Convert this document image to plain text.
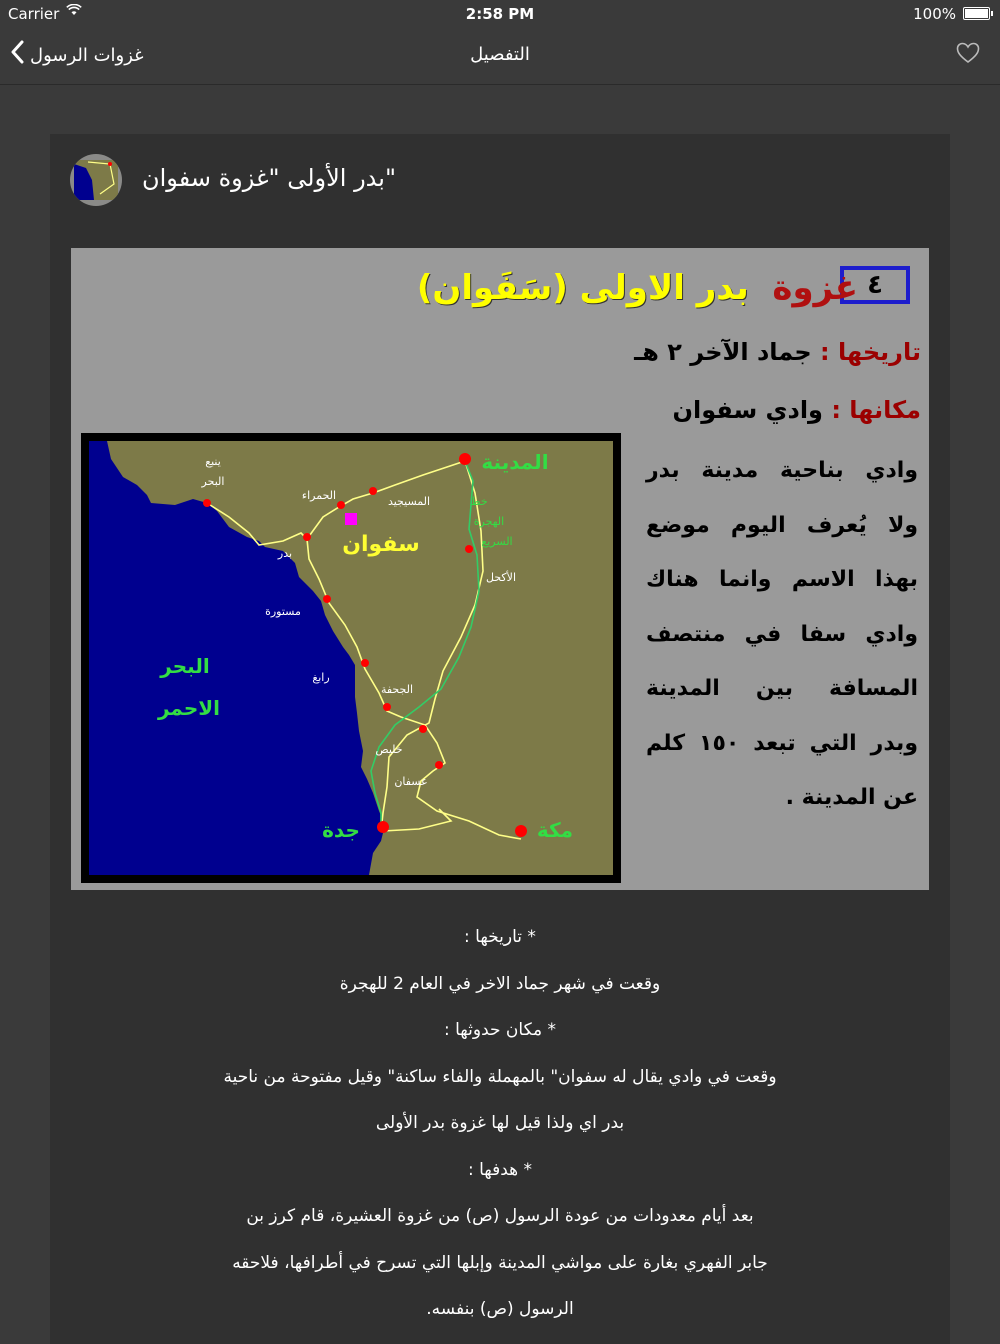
Carrier	2:58 PM	100%
غزوات الرسول	التفصيل
"بدر الأولى "غزوة سفوان
٤
غزوة  بدر الاولى (سَفَوان)
تاريخها : جماد الآخر ٢ هـ
مكانها : وادي سفوان
المدينة
مكة
جدة
سفوان
البحر
الاحمر
ينبع
البحر
الحمراء	المسيجيد
بدر
مستورة
رابغ
الجحفة
خليص
عسفان
الأكحل
خط
الهجرة
السريع
وادي بناحية مدينة بدر
ولا يُعرف اليوم موضع
بهذا الاسم وانما هناك
وادي سفا في منتصف
المسافة بين المدينة
وبدر التي تبعد ١٥٠ كلم
عن المدينة .

* تاريخها :

وقعت في شهر جماد الاخر في العام 2 للهجرة

* مكان حدوثها :

وقعت في وادي يقال له سفوان" بالمهملة والفاء ساكنة" وقيل مفتوحة من ناحية

بدر اي ولذا قيل لها غزوة بدر الأولى

* هدفها :

بعد أيام معدودات من عودة الرسول (ص) من غزوة العشيرة، قام كرز بن

جابر الفهري بغارة على مواشي المدينة وإبلها التي تسرح في أطرافها، فلاحقه

الرسول (ص) بنفسه.
